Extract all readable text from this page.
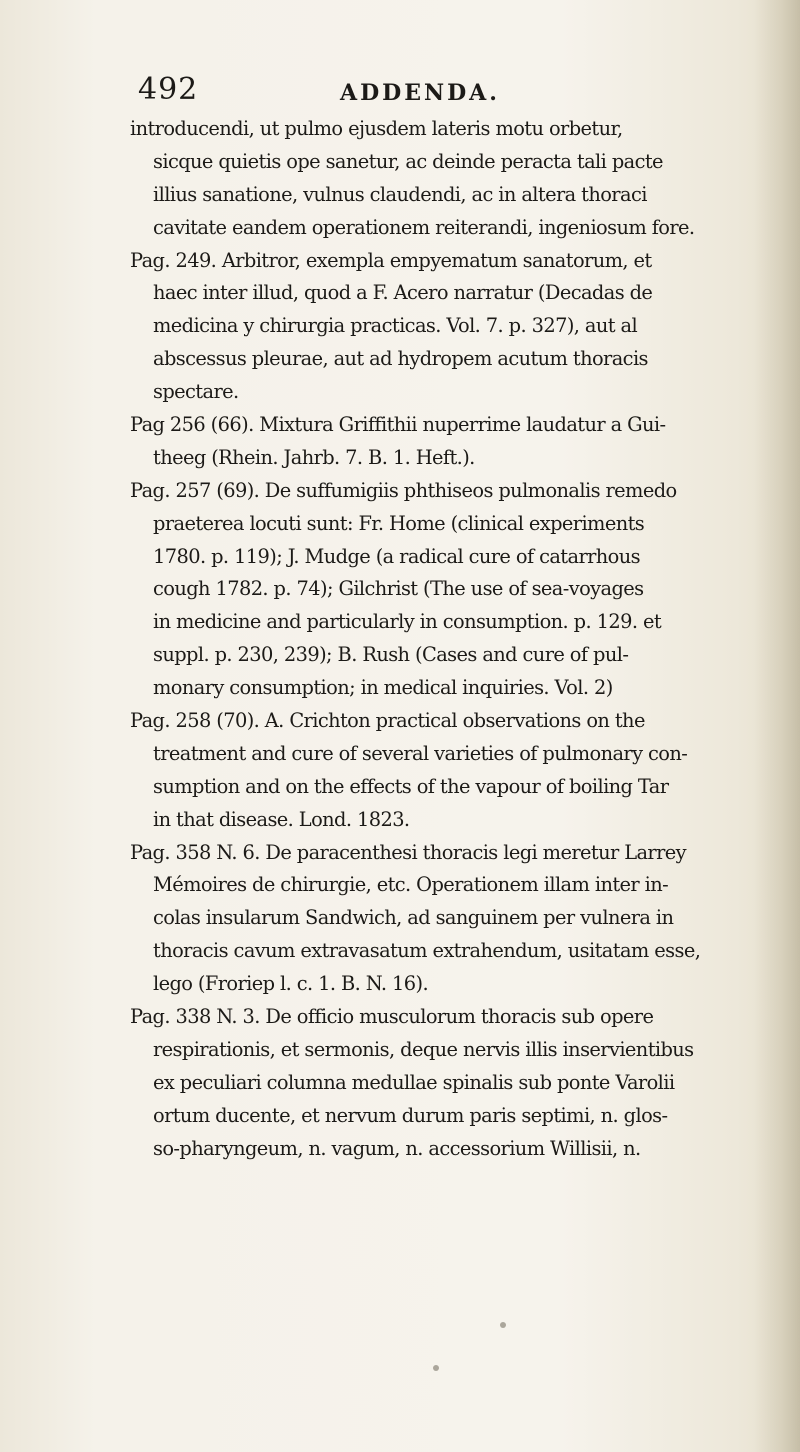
492	ADDENDA.
introducendi, ut pulmo ejusdem lateris motu orbetur,
sicque quietis ope sanetur, ac deinde peracta tali pacte
illius sanatione, vulnus claudendi, ac in altera thoraci
cavitate eandem operationem reiterandi, ingeniosum fore.
Pag. 249. Arbitror, exempla empyematum sanatorum, et
haec inter illud, quod a F. Acero narratur (Decadas de
medicina y chirurgia practicas. Vol. 7. p. 327), aut al
abscessus pleurae, aut ad hydropem acutum thoracis
spectare.
Pag 256 (66). Mixtura Griffithii nuperrime laudatur a Gui-
theeg (Rhein. Jahrb. 7. B. 1. Heft.).
Pag. 257 (69). De suffumigiis phthiseos pulmonalis remedo
praeterea locuti sunt: Fr. Home (clinical experiments
1780. p. 119); J. Mudge (a radical cure of catarrhous
cough 1782. p. 74); Gilchrist (The use of sea-voyages
in medicine and particularly in consumption. p. 129. et
suppl. p. 230, 239); B. Rush (Cases and cure of pul-
monary consumption; in medical inquiries. Vol. 2)
Pag. 258 (70). A. Crichton practical observations on the
treatment and cure of several varieties of pulmonary con-
sumption and on the effects of the vapour of boiling Tar
in that disease. Lond. 1823.
Pag. 358 N. 6. De paracenthesi thoracis legi meretur Larrey
Mémoires de chirurgie, etc. Operationem illam inter in-
colas insularum Sandwich, ad sanguinem per vulnera in
thoracis cavum extravasatum extrahendum, usitatam esse,
lego (Froriep l. c. 1. B. N. 16).
Pag. 338 N. 3. De officio musculorum thoracis sub opere
respirationis, et sermonis, deque nervis illis inservientibus
ex peculiari columna medullae spinalis sub ponte Varolii
ortum ducente, et nervum durum paris septimi, n. glos-
so-pharyngeum, n. vagum, n. accessorium Willisii, n.
